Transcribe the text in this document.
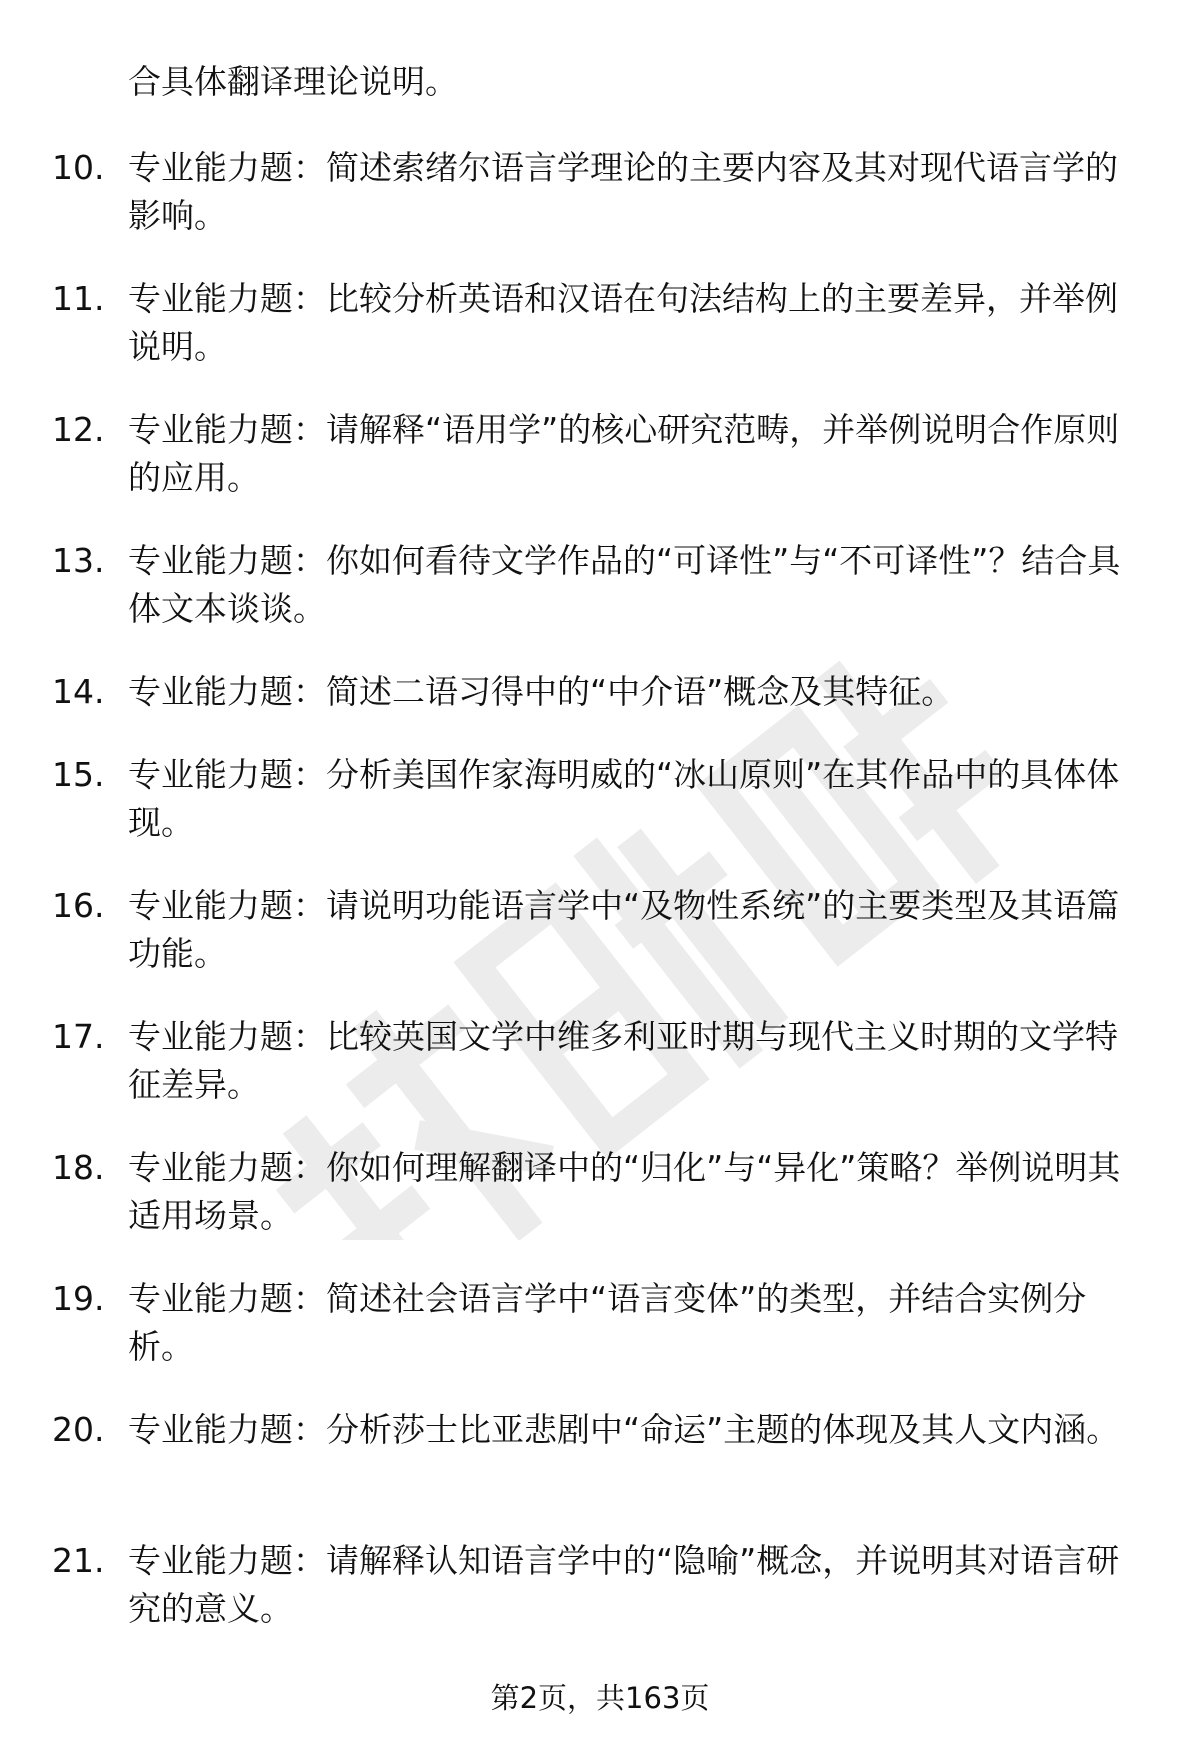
合具体翻译理论说明。
10. 专业能力题：简述索绪尔语言学理论的主要内容及其对现代语言学的影响。
11. 专业能力题：比较分析英语和汉语在句法结构上的主要差异，并举例说明。
12. 专业能力题：请解释“语用学”的核心研究范畴，并举例说明合作原则的应用。
13. 专业能力题：你如何看待文学作品的“可译性”与“不可译性”？结合具体文本谈谈。
14. 专业能力题：简述二语习得中的“中介语”概念及其特征。
15. 专业能力题：分析美国作家海明威的“冰山原则”在其作品中的具体体现。
16. 专业能力题：请说明功能语言学中“及物性系统”的主要类型及其语篇功能。
17. 专业能力题：比较英国文学中维多利亚时期与现代主义时期的文学特征差异。
18. 专业能力题：你如何理解翻译中的“归化”与“异化”策略？举例说明其适用场景。
19. 专业能力题：简述社会语言学中“语言变体”的类型，并结合实例分析。
20. 专业能力题：分析莎士比亚悲剧中“命运”主题的体现及其人文内涵。
21. 专业能力题：请解释认知语言学中的“隐喻”概念，并说明其对语言研究的意义。
第2页，共163页
